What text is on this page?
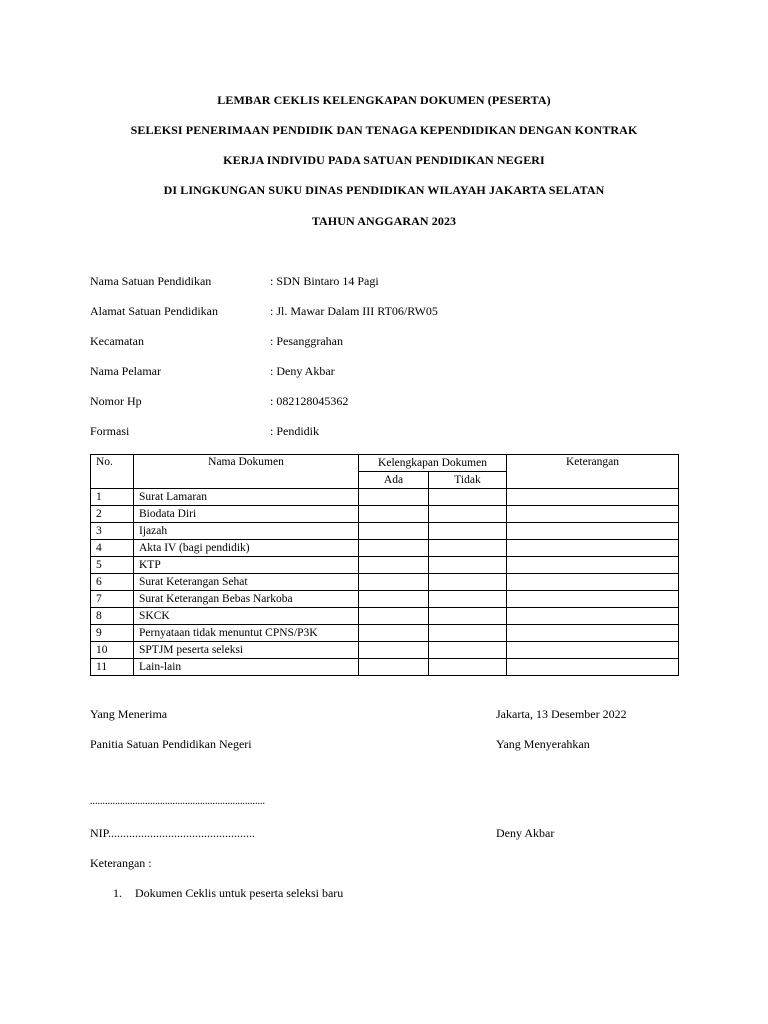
LEMBAR CEKLIS KELENGKAPAN DOKUMEN (PESERTA)
SELEKSI PENERIMAAN PENDIDIK DAN TENAGA KEPENDIDIKAN DENGAN KONTRAK
KERJA INDIVIDU PADA SATUAN PENDIDIKAN NEGERI
DI LINGKUNGAN SUKU DINAS PENDIDIKAN WILAYAH JAKARTA SELATAN
TAHUN ANGGARAN 2023
Nama Satuan Pendidikan	: SDN Bintaro 14 Pagi
Alamat Satuan Pendidikan	: Jl. Mawar Dalam III RT06/RW05
Kecamatan	: Pesanggrahan
Nama Pelamar	: Deny Akbar
Nomor Hp	: 082128045362
Formasi	: Pendidik
No.	Nama Dokumen	Kelengkapan Dokumen		Keterangan
		Ada	Tidak	
1	Surat Lamaran			
2	Biodata Diri			
3	Ijazah			
4	Akta IV (bagi pendidik)			
5	KTP			
6	Surat Keterangan Sehat			
7	Surat Keterangan Bebas Narkoba			
8	SKCK			
9	Pernyataan tidak menuntut CPNS/P3K			
10	SPTJM peserta seleksi			
11	Lain-lain			
Yang Menerima
Panitia Satuan Pendidikan Negeri
......................................................................
NIP.................................................
Jakarta, 13 Desember 2022
Yang Menyerahkan
Deny Akbar
Keterangan :
1. Dokumen Ceklis untuk peserta seleksi baru
